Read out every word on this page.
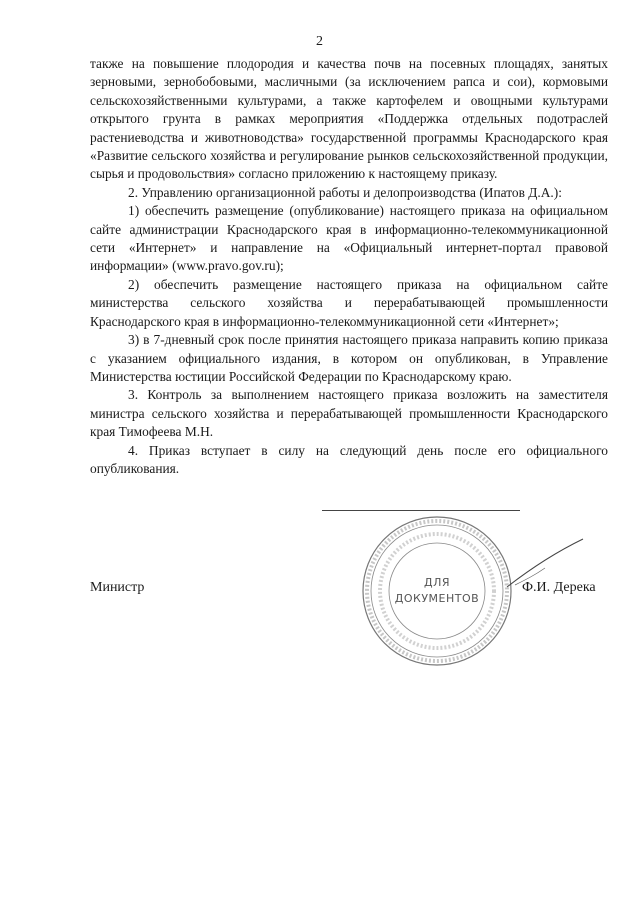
2

также на повышение плодородия и качества почв на посевных площадях, занятых зерновыми, зернобобовыми, масличными (за исключением рапса и сои), кормовыми сельскохозяйственными культурами, а также картофелем и овощными культурами открытого грунта в рамках мероприятия «Поддержка отдельных подотраслей растениеводства и животноводства» государственной программы Краснодарского края «Развитие сельского хозяйства и регулирование рынков сельскохозяйственной продукции, сырья и продовольствия» согласно приложению к настоящему приказу.

2. Управлению организационной работы и делопроизводства (Ипатов Д.А.):

1) обеспечить размещение (опубликование) настоящего приказа на официальном сайте администрации Краснодарского края в информационно-телекоммуникационной сети «Интернет» и направление на «Официальный интернет-портал правовой информации» (www.pravo.gov.ru);

2) обеспечить размещение настоящего приказа на официальном сайте министерства сельского хозяйства и перерабатывающей промышленности Краснодарского края в информационно-телекоммуникационной сети «Интернет»;

3) в 7-дневный срок после принятия настоящего приказа направить копию приказа с указанием официального издания, в котором он опубликован, в Управление Министерства юстиции Российской Федерации по Краснодарскому краю.

3. Контроль за выполнением настоящего приказа возложить на заместителя министра сельского хозяйства и перерабатывающей промышленности Краснодарского края Тимофеева М.Н.

4. Приказ вступает в силу на следующий день после его официального опубликования.

ДЛЯ
ДОКУМЕНТОВ
Министр	Ф.И. Дерека
